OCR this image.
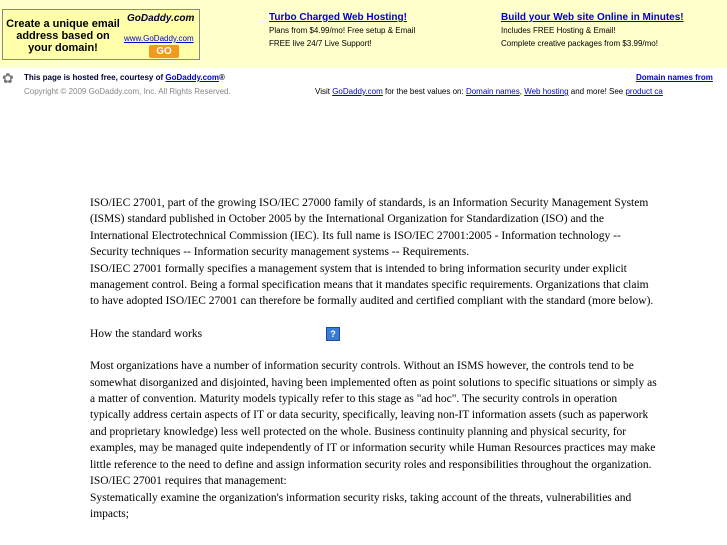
Create a unique email address based on your domain!
GoDaddy.com
www.GoDaddy.com
GO
Turbo Charged Web Hosting!
Plans from $4.99/mo! Free setup & Email
FREE live 24/7 Live Support!
Build your Web site Online in Minutes!
Includes FREE Hosting & Email!
Complete creative packages from $3.99/mo!
✿ This page is hosted free, courtesy of GoDaddy.com®
Copyright © 2009 GoDaddy.com, Inc. All Rights Reserved.
Domain names from
Visit GoDaddy.com for the best values on: Domain names, Web hosting and more! See product ca

ISO/IEC 27001, part of the growing ISO/IEC 27000 family of standards, is an Information Security Management System (ISMS) standard published in October 2005 by the International Organization for Standardization (ISO) and the International Electrotechnical Commission (IEC). Its full name is ISO/IEC 27001:2005 - Information technology -- Security techniques -- Information security management systems -- Requirements.

ISO/IEC 27001 formally specifies a management system that is intended to bring information security under explicit management control. Being a formal specification means that it mandates specific requirements. Organizations that claim to have adopted ISO/IEC 27001 can therefore be formally audited and certified compliant with the standard (more below).

How the standard works	?

Most organizations have a number of information security controls. Without an ISMS however, the controls tend to be somewhat disorganized and disjointed, having been implemented often as point solutions to specific situations or simply as a matter of convention. Maturity models typically refer to this stage as "ad hoc". The security controls in operation typically address certain aspects of IT or data security, specifically, leaving non-IT information assets (such as paperwork and proprietary knowledge) less well protected on the whole. Business continuity planning and physical security, for examples, may be managed quite independently of IT or information security while Human Resources practices may make little reference to the need to define and assign information security roles and responsibilities throughout the organization.

ISO/IEC 27001 requires that management:

Systematically examine the organization's information security risks, taking account of the threats, vulnerabilities and impacts;
